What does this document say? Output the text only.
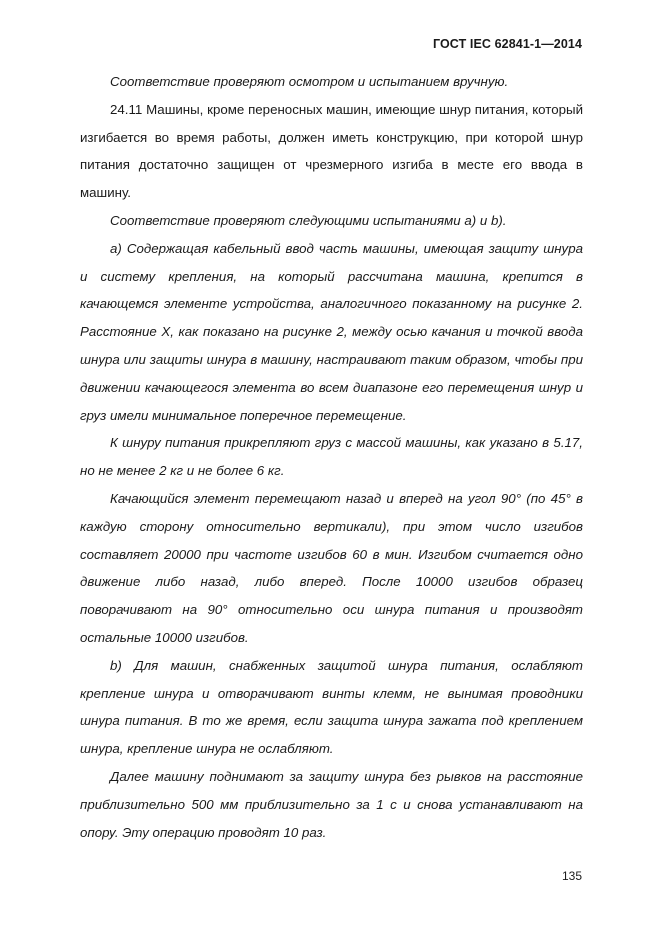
ГОСТ IEC 62841-1—2014

Соответствие проверяют осмотром и испытанием вручную.

24.11 Машины, кроме переносных машин, имеющие шнур питания, который изгибается во время работы, должен иметь конструкцию, при которой шнур питания достаточно защищен от чрезмерного изгиба в месте его ввода в машину.

Соответствие проверяют следующими испытаниями a) и b).

a) Содержащая кабельный ввод часть машины, имеющая защиту шнура и систему крепления, на который рассчитана машина, крепится в качающемся элементе устройства, аналогичного показанному на рисунке 2. Расстояние X, как показано на рисунке 2, между осью качания и точкой ввода шнура или защиты шнура в машину, настраивают таким образом, чтобы при движении качающегося элемента во всем диапазоне его перемещения шнур и груз имели минимальное поперечное перемещение.

К шнуру питания прикрепляют груз с массой машины, как указано в 5.17, но не менее 2 кг и не более 6 кг.

Качающийся элемент перемещают назад и вперед на угол 90° (по 45° в каждую сторону относительно вертикали), при этом число изгибов составляет 20000 при частоте изгибов 60 в мин. Изгибом считается одно движение либо назад, либо вперед. После 10000 изгибов образец поворачивают на 90° относительно оси шнура питания и производят остальные 10000 изгибов.

b) Для машин, снабженных защитой шнура питания, ослабляют крепление шнура и отворачивают винты клемм, не вынимая проводники шнура питания. В то же время, если защита шнура зажата под креплением шнура, крепление шнура не ослабляют.

Далее машину поднимают за защиту шнура без рывков на расстояние приблизительно 500 мм приблизительно за 1 с и снова устанавливают на опору. Эту операцию проводят 10 раз.

135
